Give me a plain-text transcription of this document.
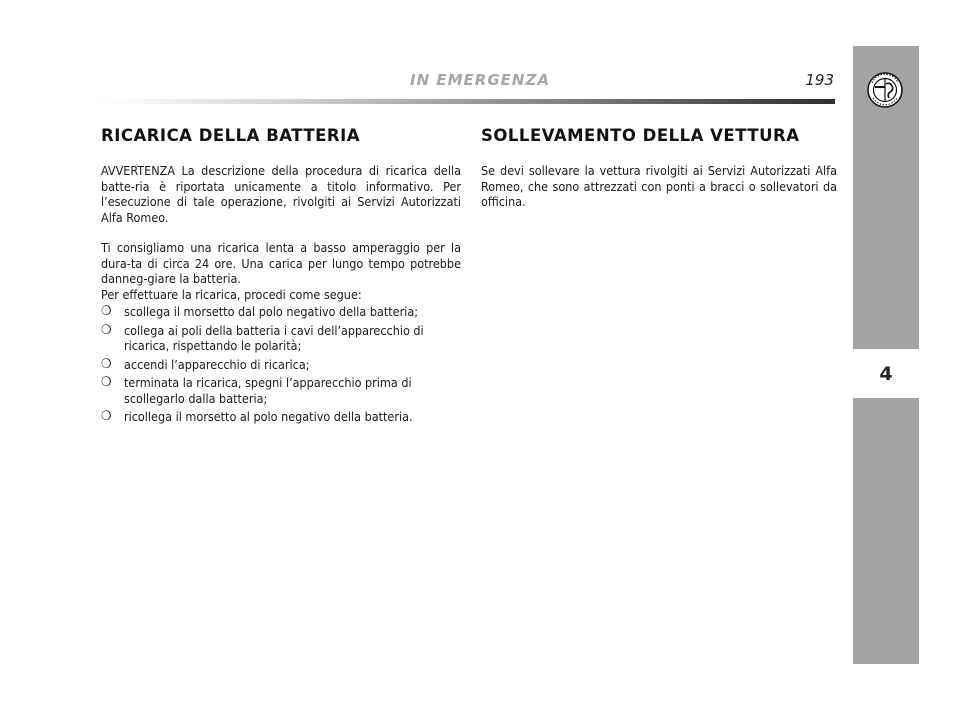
IN EMERGENZA	193
4
RICARICA DELLA BATTERIA	SOLLEVAMENTO DELLA VETTURA

AVVERTENZA La descrizione della procedura di ricarica della batte-ria è riportata unicamente a titolo informativo. Per l’esecuzione di tale operazione, rivolgiti ai Servizi Autorizzati Alfa Romeo.

Ti consigliamo una ricarica lenta a basso amperaggio per la dura-ta di circa 24 ore. Una carica per lungo tempo potrebbe danneg-giare la batteria.

Per effettuare la ricarica, procedi come segue:

❍ scollega il morsetto dal polo negativo della batteria;
❍ collega ai poli della batteria i cavi dell’apparecchio di ricarica, rispettando le polarità;
❍ accendi l’apparecchio di ricarica;
❍ terminata la ricarica, spegni l’apparecchio prima di scollegarlo dalla batteria;
❍ ricollega il morsetto al polo negativo della batteria.

Se devi sollevare la vettura rivolgiti ai Servizi Autorizzati Alfa Romeo, che sono attrezzati con ponti a bracci o sollevatori da officina.
